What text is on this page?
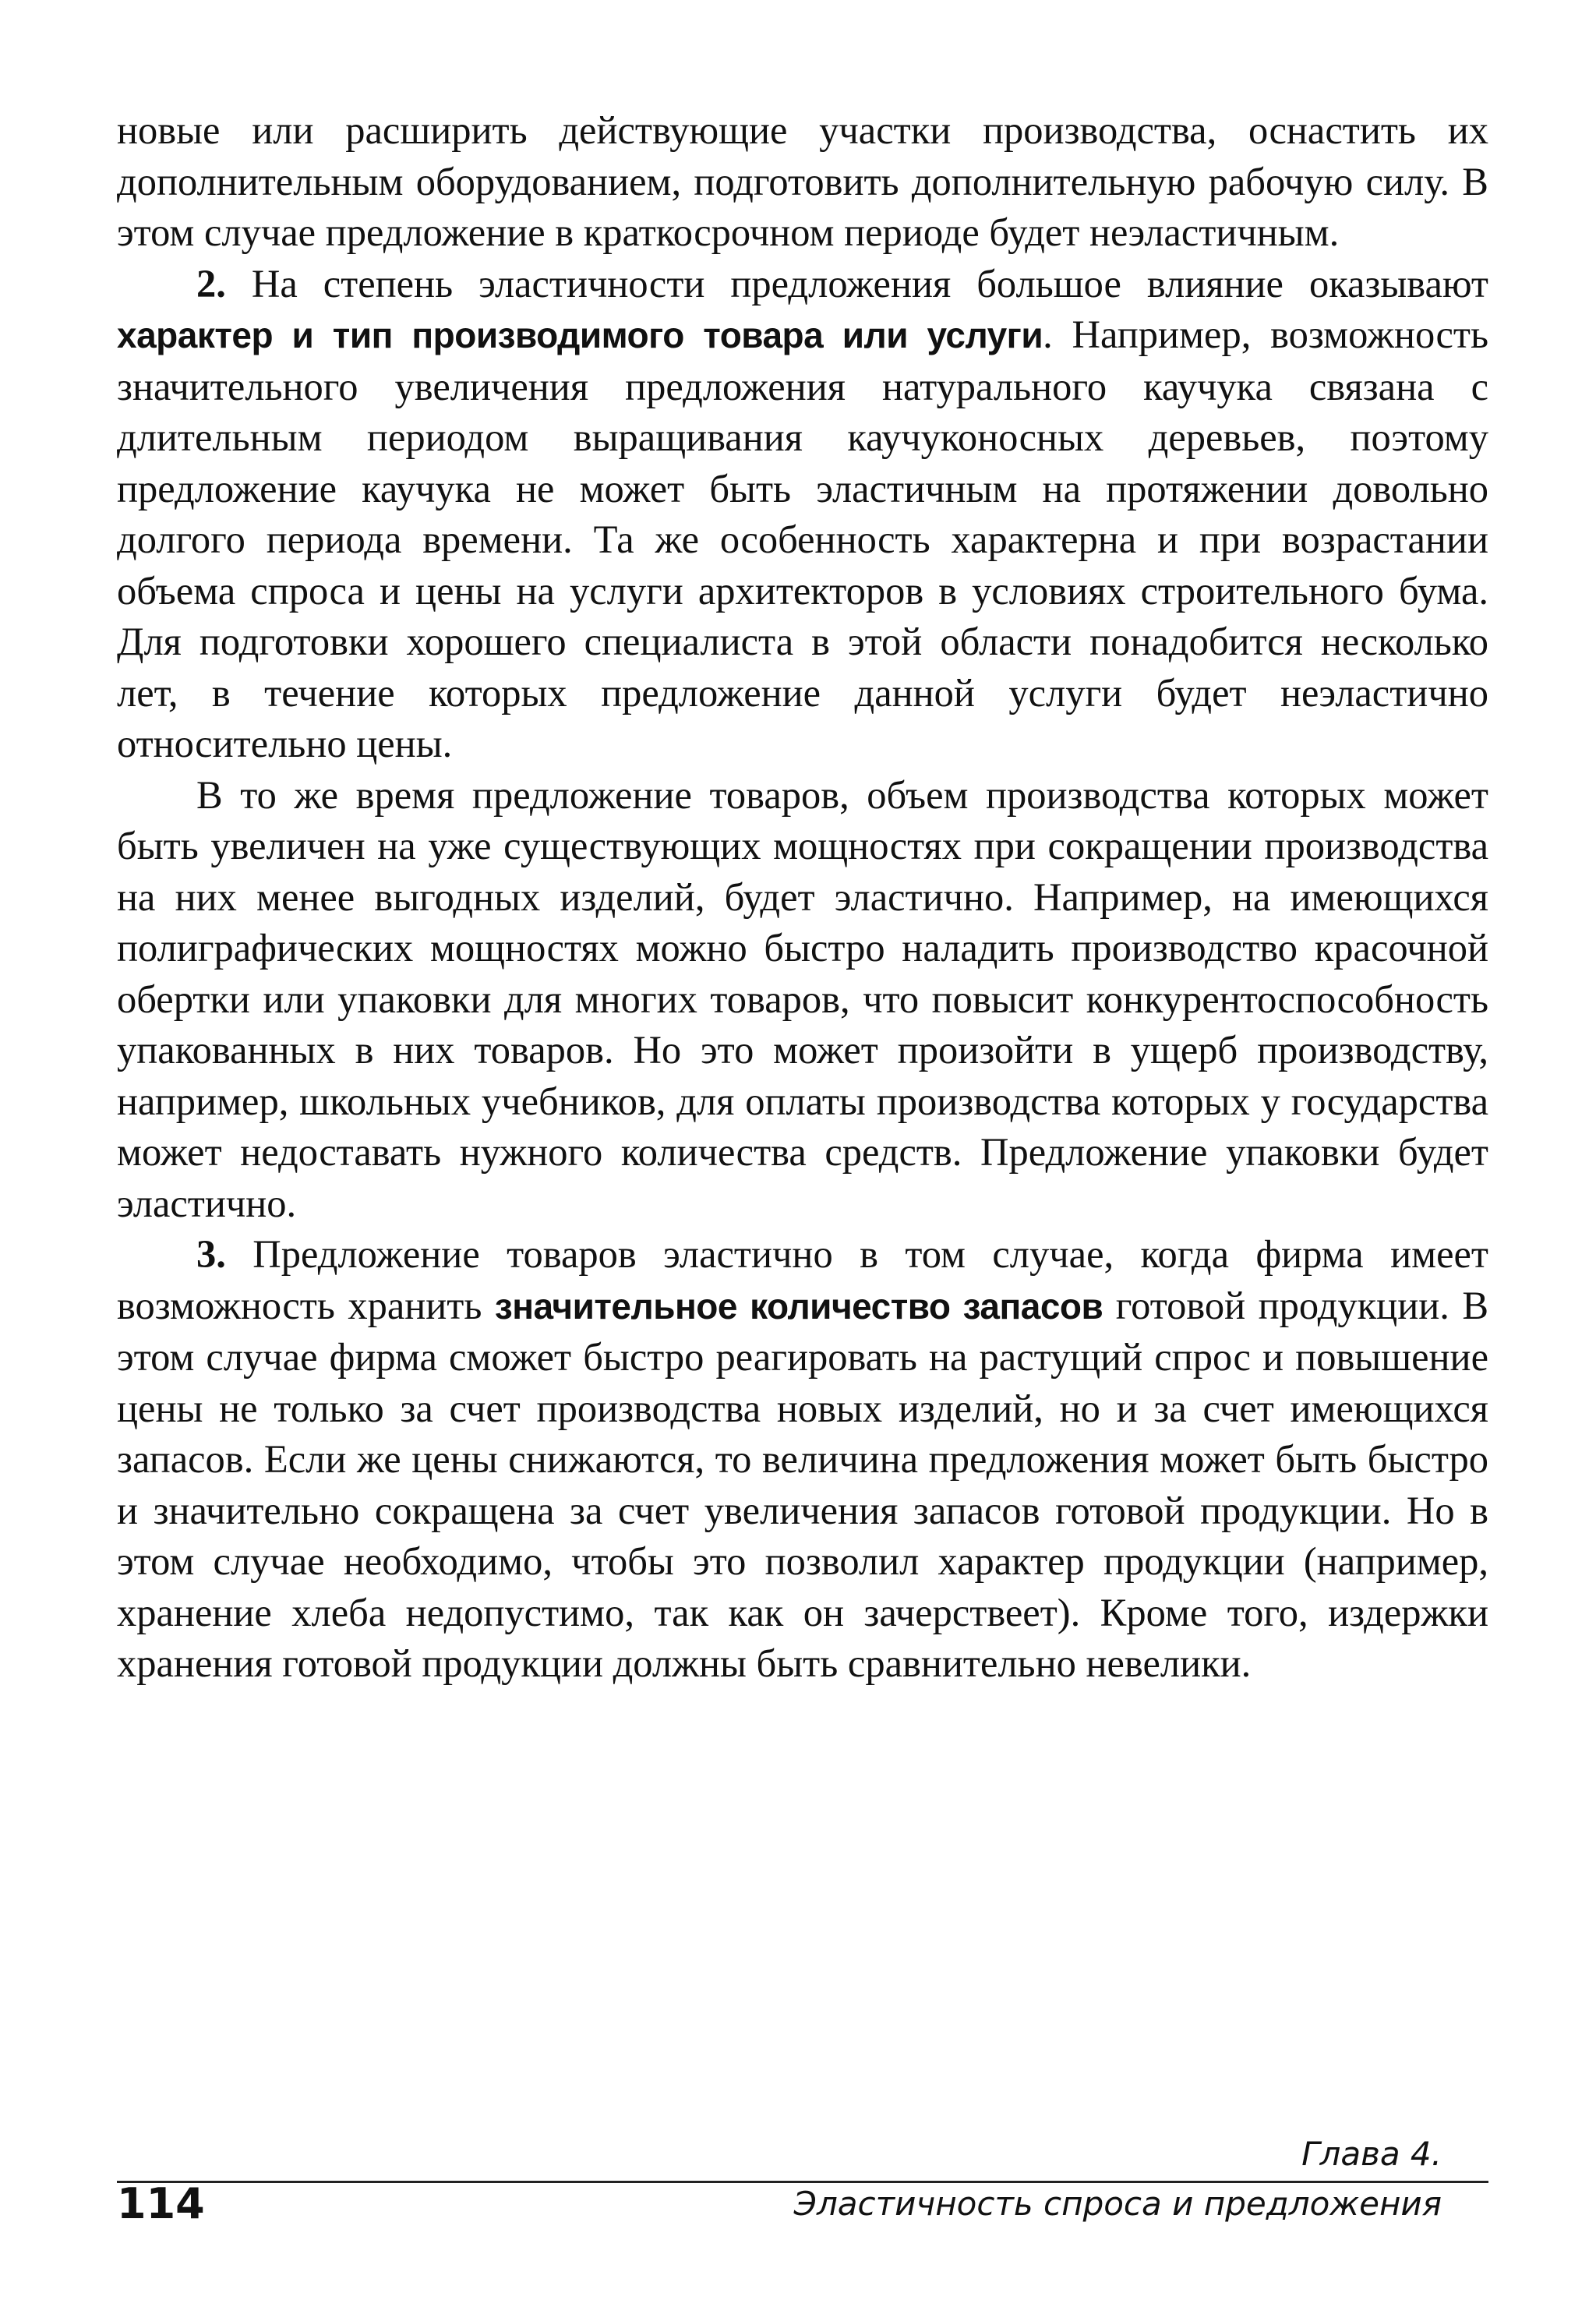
новые или расширить действующие участки производства, оснастить их дополнительным оборудованием, подготовить дополнительную рабочую силу. В этом случае предложение в краткосрочном периоде будет неэластичным.

2. На степень эластичности предложения большое влияние оказывают характер и тип производимого товара или услуги. Например, возможность значительного увеличения предложения натурального каучука связана с длительным периодом выращивания каучуконосных деревьев, поэтому предложение каучука не может быть эластичным на протяжении довольно долгого периода времени. Та же особенность характерна и при возрастании объема спроса и цены на услуги архитекторов в условиях строительного бума. Для подготовки хорошего специалиста в этой области понадобится несколько лет, в течение которых предложение данной услуги будет неэластично относительно цены.

В то же время предложение товаров, объем производства которых может быть увеличен на уже существующих мощностях при сокращении производства на них менее выгодных изделий, будет эластично. Например, на имеющихся полиграфических мощностях можно быстро наладить производство красочной обертки или упаковки для многих товаров, что повысит конкурентоспособность упакованных в них товаров. Но это может произойти в ущерб производству, например, школьных учебников, для оплаты производства которых у государства может недоставать нужного количества средств. Предложение упаковки будет эластично.

3. Предложение товаров эластично в том случае, когда фирма имеет возможность хранить значительное количество запасов готовой продукции. В этом случае фирма сможет быстро реагировать на растущий спрос и повышение цены не только за счет производства новых изделий, но и за счет имеющихся запасов. Если же цены снижаются, то величина предложения может быть быстро и значительно сокращена за счет увеличения запасов готовой продукции. Но в этом случае необходимо, чтобы это позволил характер продукции (например, хранение хлеба недопустимо, так как он зачерствеет). Кроме того, издержки хранения готовой продукции должны быть сравнительно невелики.

Глава 4.
114	Эластичность спроса и предложения
